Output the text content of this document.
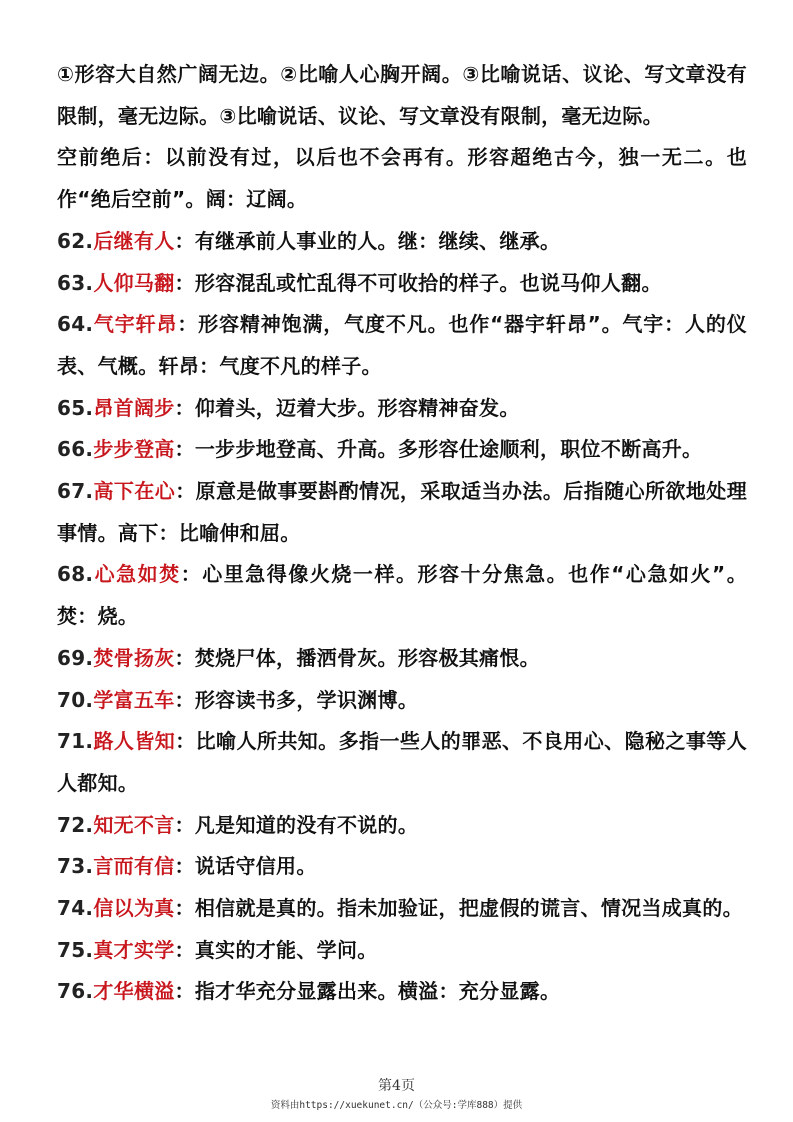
①形容大自然广阔无边。②比喻人心胸开阔。③比喻说话、议论、写文章没有限制，毫无边际。③比喻说话、议论、写文章没有限制，毫无边际。

空前绝后：以前没有过，以后也不会再有。形容超绝古今，独一无二。也作“绝后空前”。阔：辽阔。

62.后继有人：有继承前人事业的人。继：继续、继承。

63.人仰马翻：形容混乱或忙乱得不可收拾的样子。也说马仰人翻。

64.气宇轩昂：形容精神饱满，气度不凡。也作“器宇轩昂”。气宇：人的仪表、气概。轩昂：气度不凡的样子。

65.昂首阔步：仰着头，迈着大步。形容精神奋发。

66.步步登高：一步步地登高、升高。多形容仕途顺利，职位不断高升。

67.高下在心：原意是做事要斟酌情况，采取适当办法。后指随心所欲地处理事情。高下：比喻伸和屈。

68.心急如焚：心里急得像火烧一样。形容十分焦急。也作“心急如火”。焚：烧。

69.焚骨扬灰：焚烧尸体，播洒骨灰。形容极其痛恨。

70.学富五车：形容读书多，学识渊博。

71.路人皆知：比喻人所共知。多指一些人的罪恶、不良用心、隐秘之事等人人都知。

72.知无不言：凡是知道的没有不说的。

73.言而有信：说话守信用。

74.信以为真：相信就是真的。指未加验证，把虚假的谎言、情况当成真的。

75.真才实学：真实的才能、学问。

76.才华横溢：指才华充分显露出来。横溢：充分显露。

第4页
资料由https://xuekunet.cn/（公众号:学库888）提供
